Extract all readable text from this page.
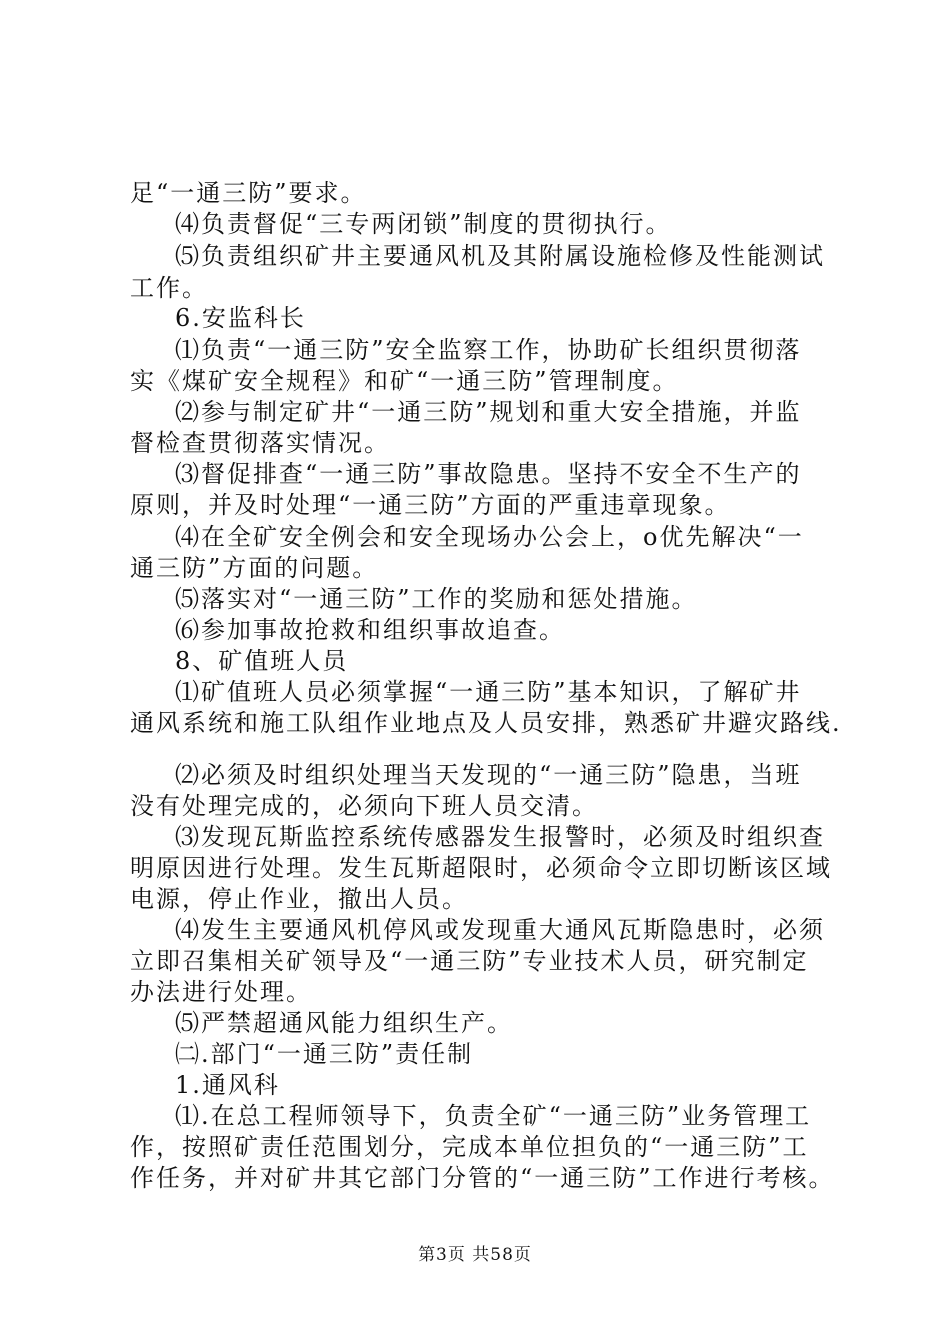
足“一通三防”要求。
⑷负责督促“三专两闭锁”制度的贯彻执行。
⑸负责组织矿井主要通风机及其附属设施检修及性能测试
工作。
6.安监科长
⑴负责“一通三防”安全监察工作，协助矿长组织贯彻落
实《煤矿安全规程》和矿“一通三防”管理制度。
⑵参与制定矿井“一通三防”规划和重大安全措施，并监
督检查贯彻落实情况。
⑶督促排查“一通三防”事故隐患。坚持不安全不生产的
原则，并及时处理“一通三防”方面的严重违章现象。
⑷在全矿安全例会和安全现场办公会上，o优先解决“一
通三防”方面的问题。
⑸落实对“一通三防”工作的奖励和惩处措施。
⑹参加事故抢救和组织事故追查。
8、矿值班人员
⑴矿值班人员必须掌握“一通三防”基本知识，了解矿井
通风系统和施工队组作业地点及人员安排，熟悉矿井避灾路线.
⑵必须及时组织处理当天发现的“一通三防”隐患，当班
没有处理完成的，必须向下班人员交清。
⑶发现瓦斯监控系统传感器发生报警时，必须及时组织查
明原因进行处理。发生瓦斯超限时，必须命令立即切断该区域
电源，停止作业，撤出人员。
⑷发生主要通风机停风或发现重大通风瓦斯隐患时，必须
立即召集相关矿领导及“一通三防”专业技术人员，研究制定
办法进行处理。
⑸严禁超通风能力组织生产。
㈡.部门“一通三防”责任制
1.通风科
⑴.在总工程师领导下，负责全矿“一通三防”业务管理工
作，按照矿责任范围划分，完成本单位担负的“一通三防”工
作任务，并对矿井其它部门分管的“一通三防”工作进行考核。
第3页 共58页
